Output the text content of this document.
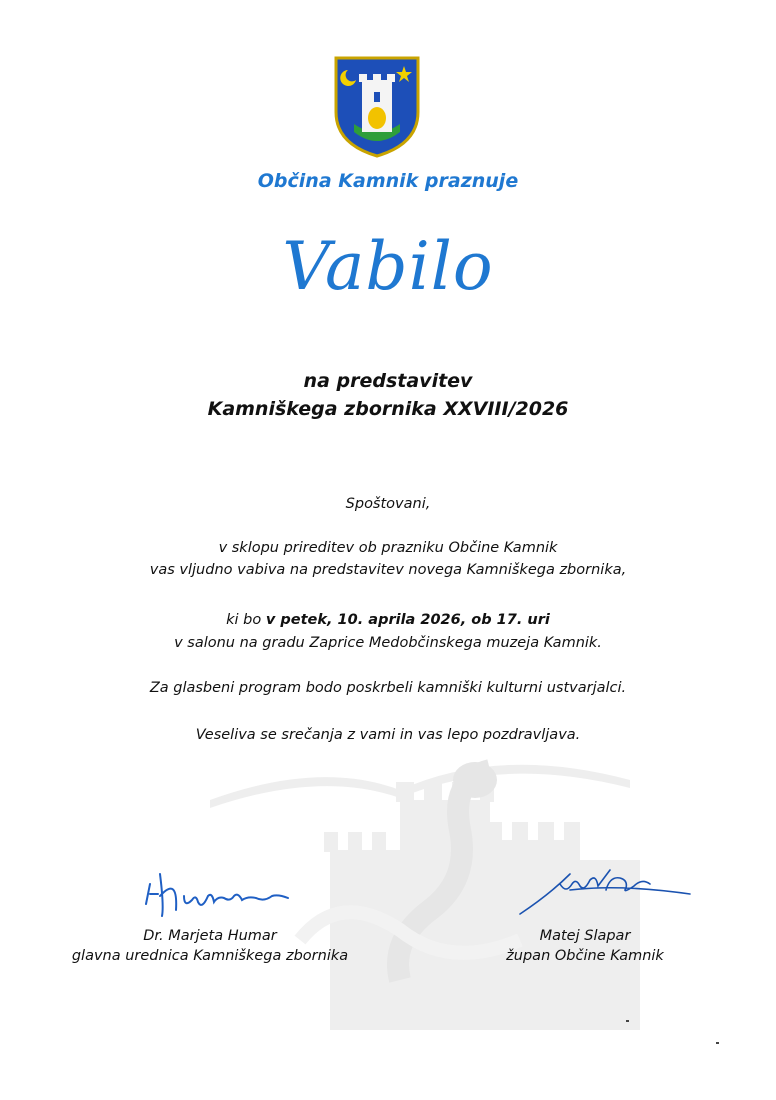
Občina Kamnik praznuje
Vabilo
na predstavitev
Kamniškega zbornika XXVIII/2026
Spoštovani,
v sklopu prireditev ob prazniku Občine Kamnik
vas vljudno vabiva na predstavitev novega Kamniškega zbornika,
ki bo v petek, 10. aprila 2026, ob 17. uri
v salonu na gradu Zaprice Medobčinskega muzeja Kamnik.
Za glasbeni program bodo poskrbeli kamniški kulturni ustvarjalci.
Veseliva se srečanja z vami in vas lepo pozdravljava.
Dr. Marjeta Humar
glavna urednica Kamniškega zbornika
Matej Slapar
župan Občine Kamnik
